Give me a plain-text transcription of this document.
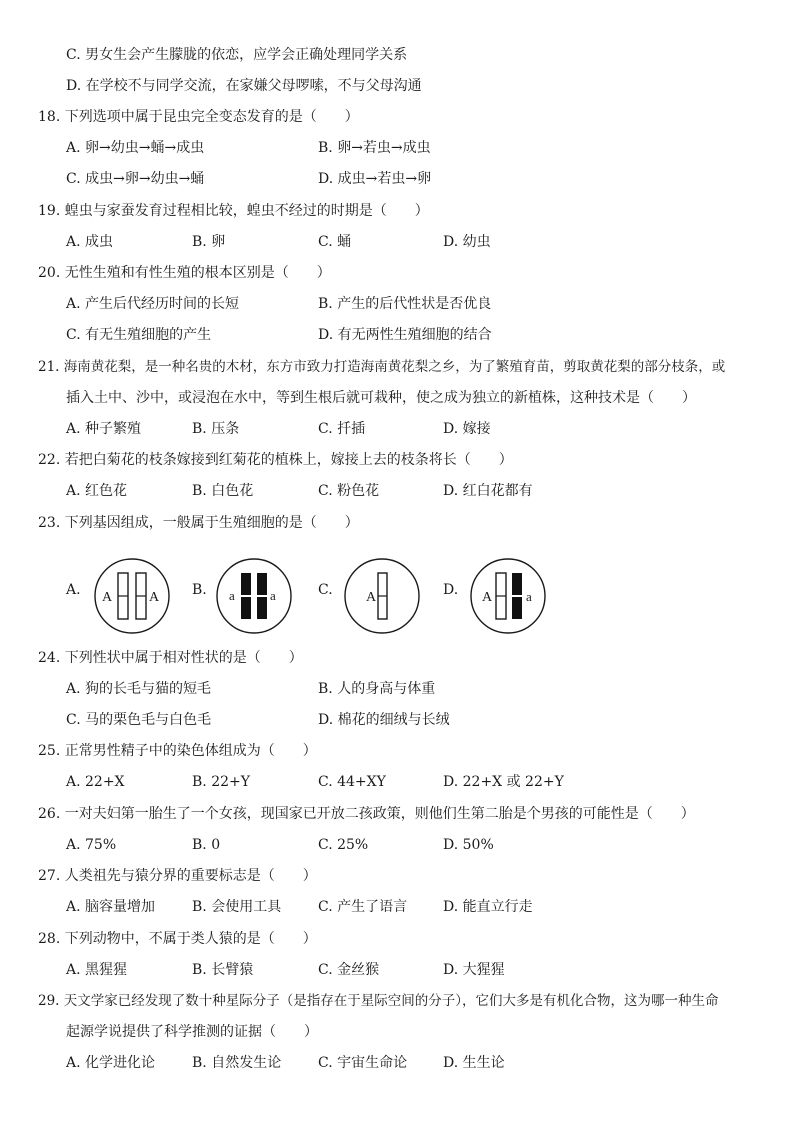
C. 男女生会产生朦胧的依恋，应学会正确处理同学关系
D. 在学校不与同学交流，在家嫌父母啰嗦，不与父母沟通
18. 下列选项中属于昆虫完全变态发育的是（　　）
A. 卵→幼虫→蛹→成虫	B. 卵→若虫→成虫
C. 成虫→卵→幼虫→蛹	D. 成虫→若虫→卵
19. 蝗虫与家蚕发育过程相比较，蝗虫不经过的时期是（　　）
A. 成虫	B. 卵	C. 蛹	D. 幼虫
20. 无性生殖和有性生殖的根本区别是（　　）
A. 产生后代经历时间的长短	B. 产生的后代性状是否优良
C. 有无生殖细胞的产生	D. 有无两性生殖细胞的结合
21. 海南黄花梨，是一种名贵的木材，东方市致力打造海南黄花梨之乡，为了繁殖育苗，剪取黄花梨的部分枝条，或
插入土中、沙中，或浸泡在水中，等到生根后就可栽种，使之成为独立的新植株，这种技术是（　　）
A. 种子繁殖	B. 压条	C. 扦插	D. 嫁接
22. 若把白菊花的枝条嫁接到红菊花的植株上，嫁接上去的枝条将长（　　）
A. 红色花	B. 白色花	C. 粉色花	D. 红白花都有
23. 下列基因组成，一般属于生殖细胞的是（　　）
A. A	A B. a	a	C. A	D. A	a
24. 下列性状中属于相对性状的是（　　）
A. 狗的长毛与猫的短毛	B. 人的身高与体重
C. 马的栗色毛与白色毛	D. 棉花的细绒与长绒
25. 正常男性精子中的染色体组成为（　　）
A. 22+X	B. 22+Y	C. 44+XY	D. 22+X 或 22+Y
26. 一对夫妇第一胎生了一个女孩，现国家已开放二孩政策，则他们生第二胎是个男孩的可能性是（　　）
A. 75%	B. 0	C. 25%	D. 50%
27. 人类祖先与猿分界的重要标志是（　　）
A. 脑容量增加	B. 会使用工具	C. 产生了语言	D. 能直立行走
28. 下列动物中，不属于类人猿的是（　　）
A. 黑猩猩	B. 长臂猿	C. 金丝猴	D. 大猩猩
29. 天文学家已经发现了数十种星际分子（是指存在于星际空间的分子），它们大多是有机化合物，这为哪一种生命
起源学说提供了科学推测的证据（　　）
A. 化学进化论	B. 自然发生论	C. 宇宙生命论	D. 生生论
